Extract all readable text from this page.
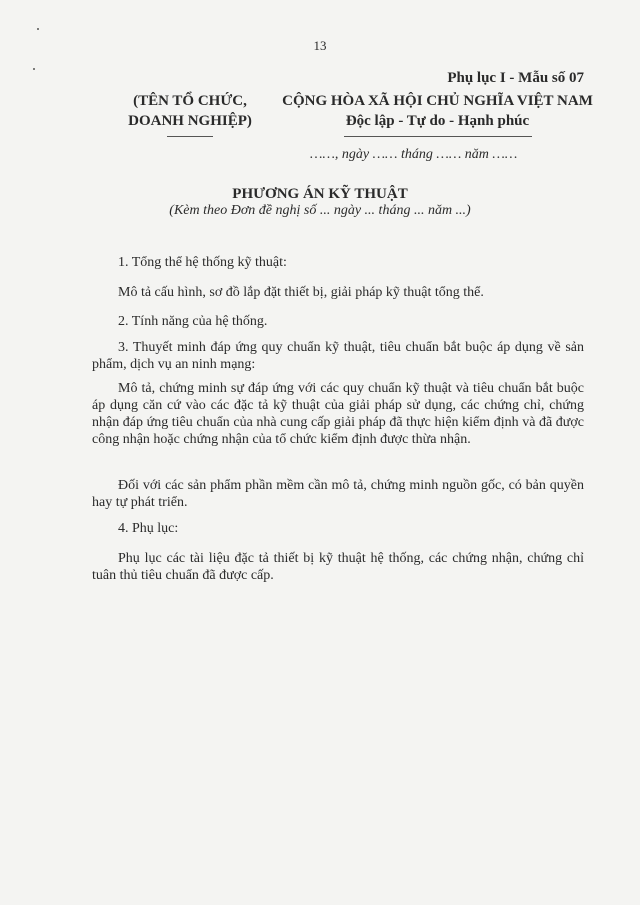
13
Phụ lục I - Mẫu số 07
(TÊN TỔ CHỨC,
DOANH NGHIỆP)
CỘNG HÒA XÃ HỘI CHỦ NGHĨA VIỆT NAM
Độc lập - Tự do - Hạnh phúc
……, ngày …… tháng …… năm ……
PHƯƠNG ÁN KỸ THUẬT
(Kèm theo Đơn đề nghị số ... ngày ... tháng ... năm ...)
1. Tổng thể hệ thống kỹ thuật:
Mô tả cấu hình, sơ đồ lắp đặt thiết bị, giải pháp kỹ thuật tổng thể.
2. Tính năng của hệ thống.
3. Thuyết minh đáp ứng quy chuẩn kỹ thuật, tiêu chuẩn bắt buộc áp dụng về sản phẩm, dịch vụ an ninh mạng:
Mô tả, chứng minh sự đáp ứng với các quy chuẩn kỹ thuật và tiêu chuẩn bắt buộc áp dụng căn cứ vào các đặc tả kỹ thuật của giải pháp sử dụng, các chứng chỉ, chứng nhận đáp ứng tiêu chuẩn của nhà cung cấp giải pháp đã thực hiện kiểm định và đã được công nhận hoặc chứng nhận của tổ chức kiểm định được thừa nhận.
Đối với các sản phẩm phần mềm cần mô tả, chứng minh nguồn gốc, có bản quyền hay tự phát triển.
4. Phụ lục:
Phụ lục các tài liệu đặc tả thiết bị kỹ thuật hệ thống, các chứng nhận, chứng chỉ tuân thủ tiêu chuẩn đã được cấp.
